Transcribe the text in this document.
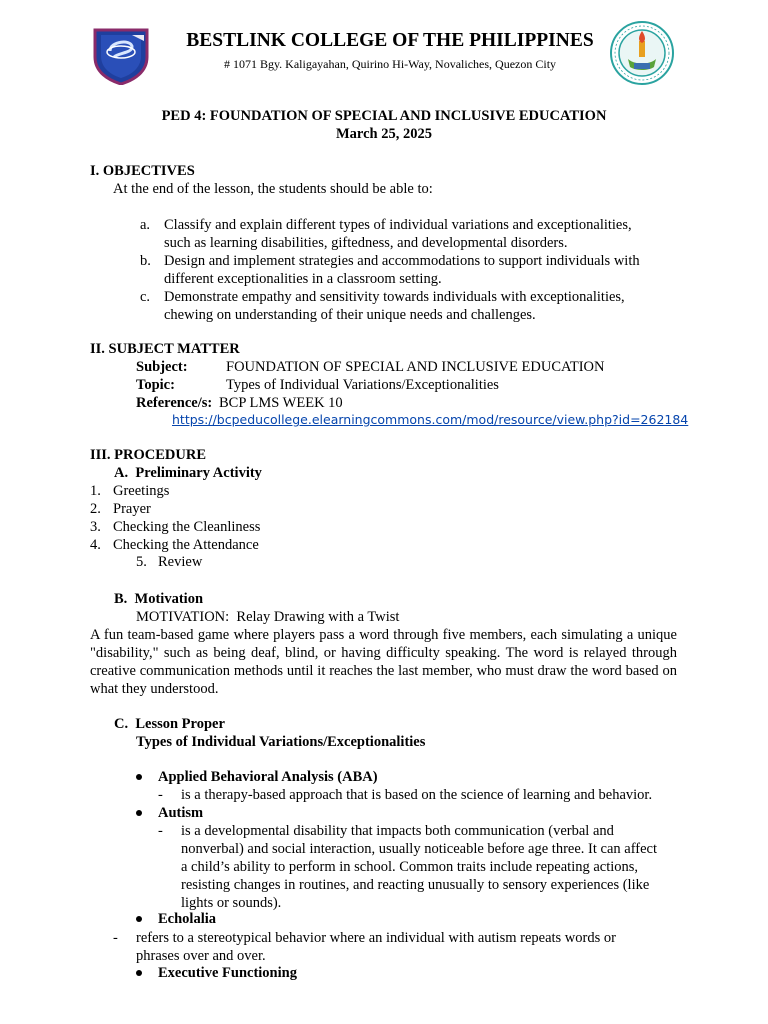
BESTLINK COLLEGE OF THE PHILIPPINES
# 1071 Bgy. Kaligayahan, Quirino Hi-Way, Novaliches, Quezon City
PED 4: FOUNDATION OF SPECIAL AND INCLUSIVE EDUCATION
March 25, 2025
I. OBJECTIVES
At the end of the lesson, the students should be able to:
a. Classify and explain different types of individual variations and exceptionalities,
such as learning disabilities, giftedness, and developmental disorders.
b. Design and implement strategies and accommodations to support individuals with
different exceptionalities in a classroom setting.
c. Demonstrate empathy and sensitivity towards individuals with exceptionalities,
chewing on understanding of their unique needs and challenges.
II. SUBJECT MATTER
Subject:	FOUNDATION OF SPECIAL AND INCLUSIVE EDUCATION
Topic:	Types of Individual Variations/Exceptionalities
Reference/s: BCP LMS WEEK 10
https://bcpeducollege.elearningcommons.com/mod/resource/view.php?id=262184
III. PROCEDURE
A.  Preliminary Activity
1. Greetings
2. Prayer
3. Checking the Cleanliness
4. Checking the Attendance
5. Review
B.  Motivation
MOTIVATION:  Relay Drawing with a Twist
A fun team-based game where players pass a word through five members, each simulating a unique "disability," such as being deaf, blind, or having difficulty speaking. The word is relayed through creative communication methods until it reaches the last member, who must draw the word based on what they understood.
C.  Lesson Proper
Types of Individual Variations/Exceptionalities
Applied Behavioral Analysis (ABA)
- is a therapy-based approach that is based on the science of learning and behavior.
Autism
- is a developmental disability that impacts both communication (verbal and
nonverbal) and social interaction, usually noticeable before age three. It can affect
a child’s ability to perform in school. Common traits include repeating actions,
resisting changes in routines, and reacting unusually to sensory experiences (like
lights or sounds).
Echolalia
- refers to a stereotypical behavior where an individual with autism repeats words or
phrases over and over.
Executive Functioning
